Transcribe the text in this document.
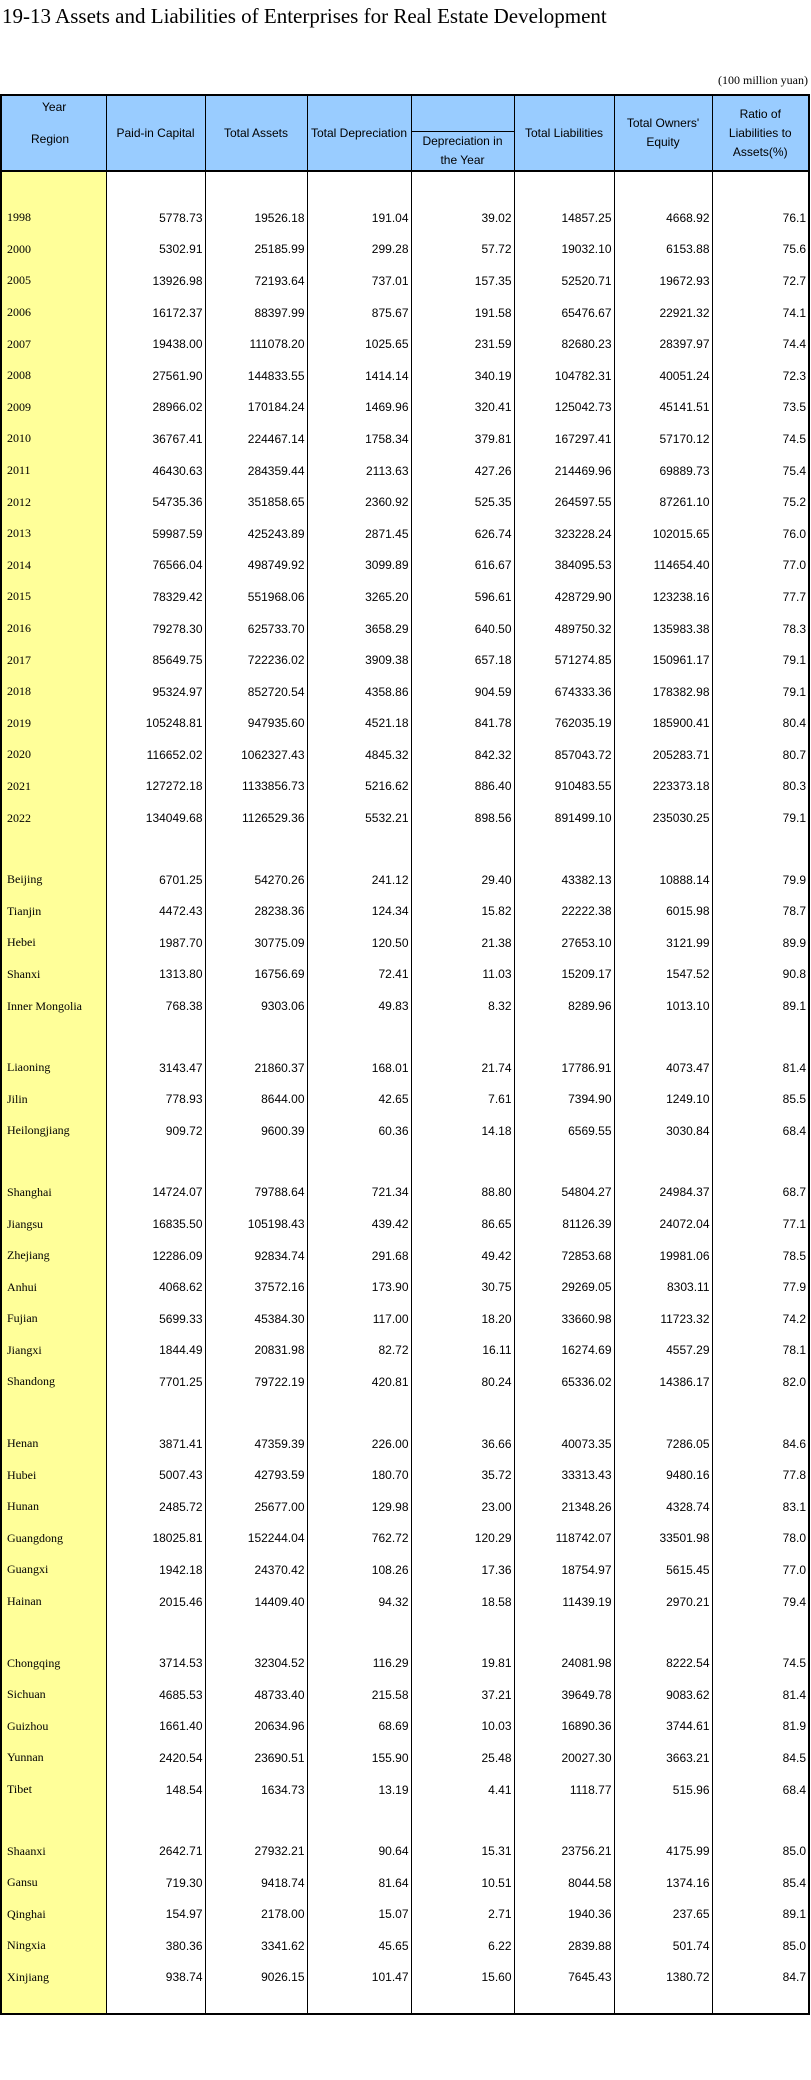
19-13 Assets and Liabilities of Enterprises for Real Estate Development
(100 million yuan)
Year
Region	Paid-in Capital	Total Assets	Total Depreciation		Total Liabilities	Total Owners' Equity	Ratio of Liabilities to Assets(%)
				Depreciation in the Year			

1998	5778.73	19526.18	191.04	39.02	14857.25	4668.92	76.1
2000	5302.91	25185.99	299.28	57.72	19032.10	6153.88	75.6
2005	13926.98	72193.64	737.01	157.35	52520.71	19672.93	72.7
2006	16172.37	88397.99	875.67	191.58	65476.67	22921.32	74.1
2007	19438.00	111078.20	1025.65	231.59	82680.23	28397.97	74.4
2008	27561.90	144833.55	1414.14	340.19	104782.31	40051.24	72.3
2009	28966.02	170184.24	1469.96	320.41	125042.73	45141.51	73.5
2010	36767.41	224467.14	1758.34	379.81	167297.41	57170.12	74.5
2011	46430.63	284359.44	2113.63	427.26	214469.96	69889.73	75.4
2012	54735.36	351858.65	2360.92	525.35	264597.55	87261.10	75.2
2013	59987.59	425243.89	2871.45	626.74	323228.24	102015.65	76.0
2014	76566.04	498749.92	3099.89	616.67	384095.53	114654.40	77.0
2015	78329.42	551968.06	3265.20	596.61	428729.90	123238.16	77.7
2016	79278.30	625733.70	3658.29	640.50	489750.32	135983.38	78.3
2017	85649.75	722236.02	3909.38	657.18	571274.85	150961.17	79.1
2018	95324.97	852720.54	4358.86	904.59	674333.36	178382.98	79.1
2019	105248.81	947935.60	4521.18	841.78	762035.19	185900.41	80.4
2020	116652.02	1062327.43	4845.32	842.32	857043.72	205283.71	80.7
2021	127272.18	1133856.73	5216.62	886.40	910483.55	223373.18	80.3
2022	134049.68	1126529.36	5532.21	898.56	891499.10	235030.25	79.1

Beijing	6701.25	54270.26	241.12	29.40	43382.13	10888.14	79.9
Tianjin	4472.43	28238.36	124.34	15.82	22222.38	6015.98	78.7
Hebei	1987.70	30775.09	120.50	21.38	27653.10	3121.99	89.9
Shanxi	1313.80	16756.69	72.41	11.03	15209.17	1547.52	90.8
Inner Mongolia	768.38	9303.06	49.83	8.32	8289.96	1013.10	89.1

Liaoning	3143.47	21860.37	168.01	21.74	17786.91	4073.47	81.4
Jilin	778.93	8644.00	42.65	7.61	7394.90	1249.10	85.5
Heilongjiang	909.72	9600.39	60.36	14.18	6569.55	3030.84	68.4

Shanghai	14724.07	79788.64	721.34	88.80	54804.27	24984.37	68.7
Jiangsu	16835.50	105198.43	439.42	86.65	81126.39	24072.04	77.1
Zhejiang	12286.09	92834.74	291.68	49.42	72853.68	19981.06	78.5
Anhui	4068.62	37572.16	173.90	30.75	29269.05	8303.11	77.9
Fujian	5699.33	45384.30	117.00	18.20	33660.98	11723.32	74.2
Jiangxi	1844.49	20831.98	82.72	16.11	16274.69	4557.29	78.1
Shandong	7701.25	79722.19	420.81	80.24	65336.02	14386.17	82.0

Henan	3871.41	47359.39	226.00	36.66	40073.35	7286.05	84.6
Hubei	5007.43	42793.59	180.70	35.72	33313.43	9480.16	77.8
Hunan	2485.72	25677.00	129.98	23.00	21348.26	4328.74	83.1
Guangdong	18025.81	152244.04	762.72	120.29	118742.07	33501.98	78.0
Guangxi	1942.18	24370.42	108.26	17.36	18754.97	5615.45	77.0
Hainan	2015.46	14409.40	94.32	18.58	11439.19	2970.21	79.4

Chongqing	3714.53	32304.52	116.29	19.81	24081.98	8222.54	74.5
Sichuan	4685.53	48733.40	215.58	37.21	39649.78	9083.62	81.4
Guizhou	1661.40	20634.96	68.69	10.03	16890.36	3744.61	81.9
Yunnan	2420.54	23690.51	155.90	25.48	20027.30	3663.21	84.5
Tibet	148.54	1634.73	13.19	4.41	1118.77	515.96	68.4

Shaanxi	2642.71	27932.21	90.64	15.31	23756.21	4175.99	85.0
Gansu	719.30	9418.74	81.64	10.51	8044.58	1374.16	85.4
Qinghai	154.97	2178.00	15.07	2.71	1940.36	237.65	89.1
Ningxia	380.36	3341.62	45.65	6.22	2839.88	501.74	85.0
Xinjiang	938.74	9026.15	101.47	15.60	7645.43	1380.72	84.7
